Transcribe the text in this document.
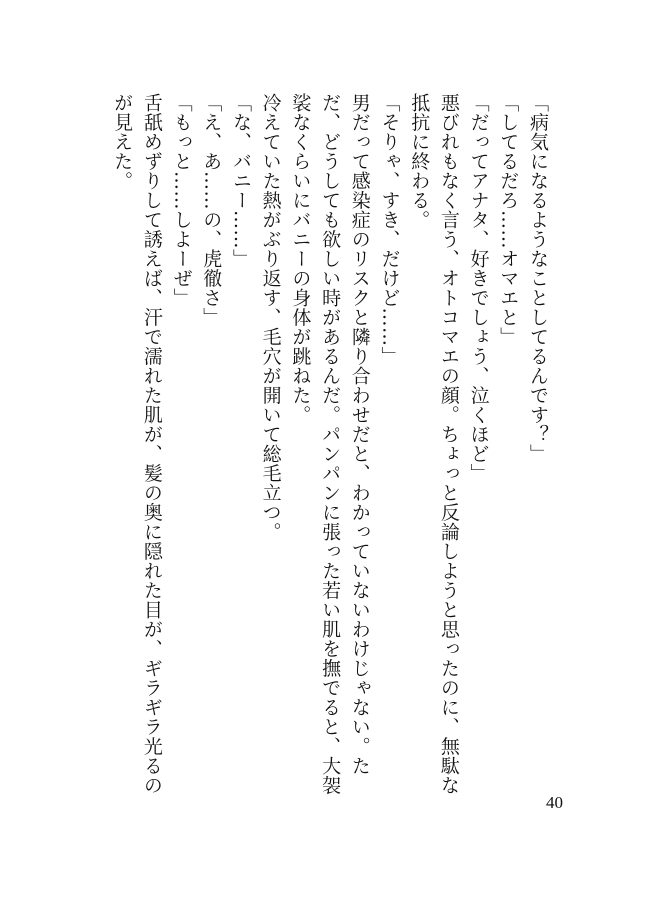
「病気になるようなことしてるんです？」

「してるだろ……オマエと」

「だってアナタ、好きでしょう、泣くほど」

悪びれもなく言う、オトコマエの顔。ちょっと反論しようと思ったのに、無駄な抵抗に終わる。

「そりゃ、すき、だけど……」

男だって感染症のリスクと隣り合わせだと、わかっていないわけじゃない。ただ、どうしても欲しい時があるんだ。パンパンに張った若い肌を撫でると、大袈裟なくらいにバニーの身体が跳ねた。

冷えていた熱がぶり返す、毛穴が開いて総毛立つ。

「な、バニー……」

「え、あ……の、虎徹さ」

「もっと……しよーぜ」

舌舐めずりして誘えば、汗で濡れた肌が、髪の奥に隠れた目が、ギラギラ光るのが見えた。

40
